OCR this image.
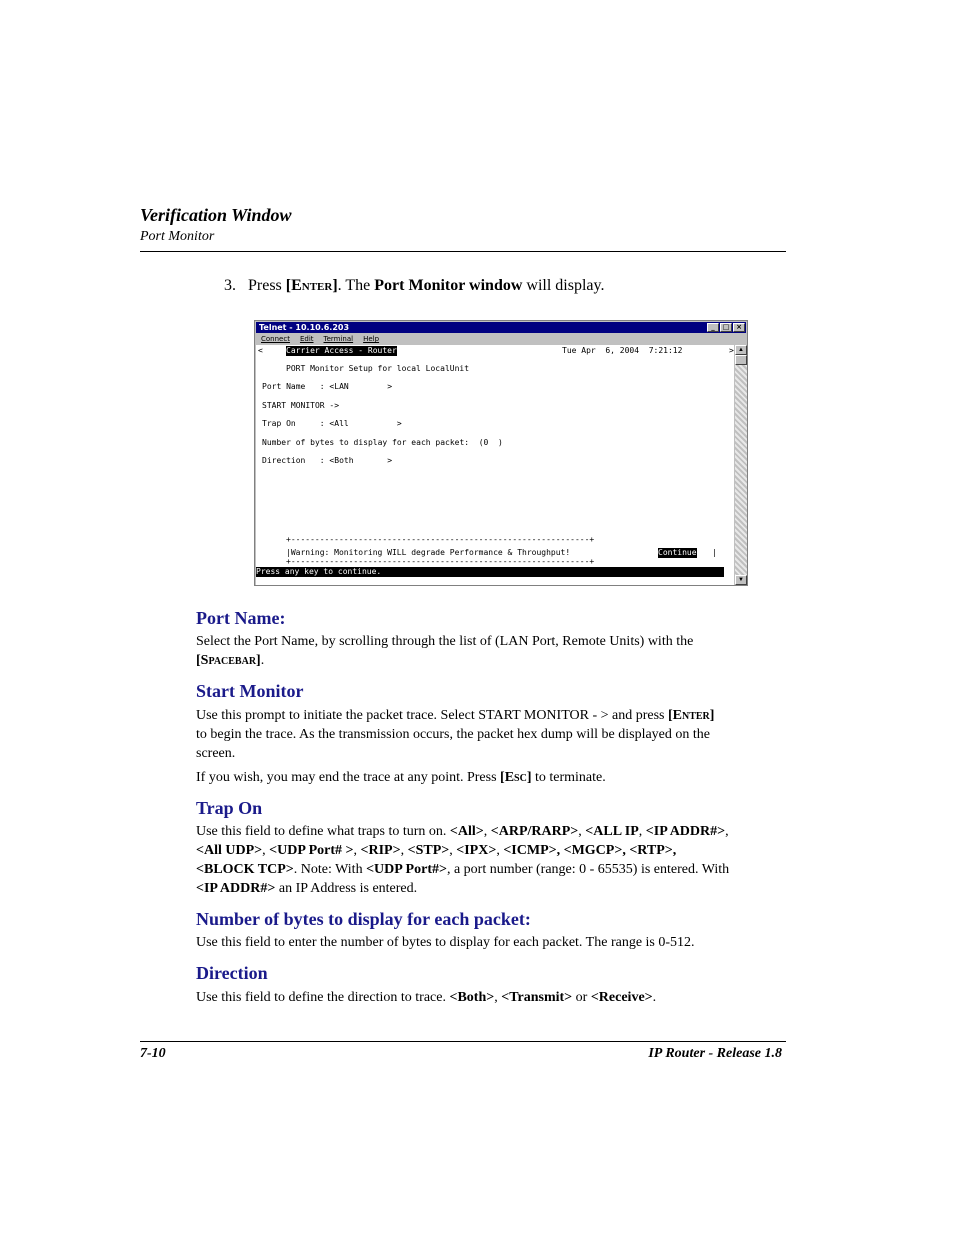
Verification Window
Port Monitor
3. Press [Enter]. The Port Monitor window will display.
Telnet - 10.10.6.203	_	□ ×
Connect Edit Terminal Help
<	Carrier Access - Router	Tue Apr  6, 2004  7:21:12	>
PORT Monitor Setup for local LocalUnit
Port Name   : <LAN        >
START MONITOR ->
Trap On     : <All          >
Number of bytes to display for each packet:  (0  )
Direction   : <Both       >
+--------------------------------------------------------------+
|Warning: Monitoring WILL degrade Performance & Throughput!	Continue |
+--------------------------------------------------------------+
Press any key to continue.
▲
▼
Port Name:
Select the Port Name, by scrolling through the list of (LAN Port, Remote Units) with the
[Spacebar].
Start Monitor
Use this prompt to initiate the packet trace. Select START MONITOR - > and press [Enter]
to begin the trace. As the transmission occurs, the packet hex dump will be displayed on the
screen.
If you wish, you may end the trace at any point. Press [Esc] to terminate.
Trap On
Use this field to define what traps to turn on. <All>, <ARP/RARP>, <ALL IP, <IP ADDR#>,
<All UDP>, <UDP Port# >, <RIP>, <STP>, <IPX>, <ICMP>, <MGCP>, <RTP>,
<BLOCK TCP>. Note: With <UDP Port#>, a port number (range: 0 - 65535) is entered. With
<IP ADDR#> an IP Address is entered.
Number of bytes to display for each packet:
Use this field to enter the number of bytes to display for each packet. The range is 0-512.
Direction
Use this field to define the direction to trace. <Both>, <Transmit> or <Receive>.
7-10	IP Router - Release 1.8
